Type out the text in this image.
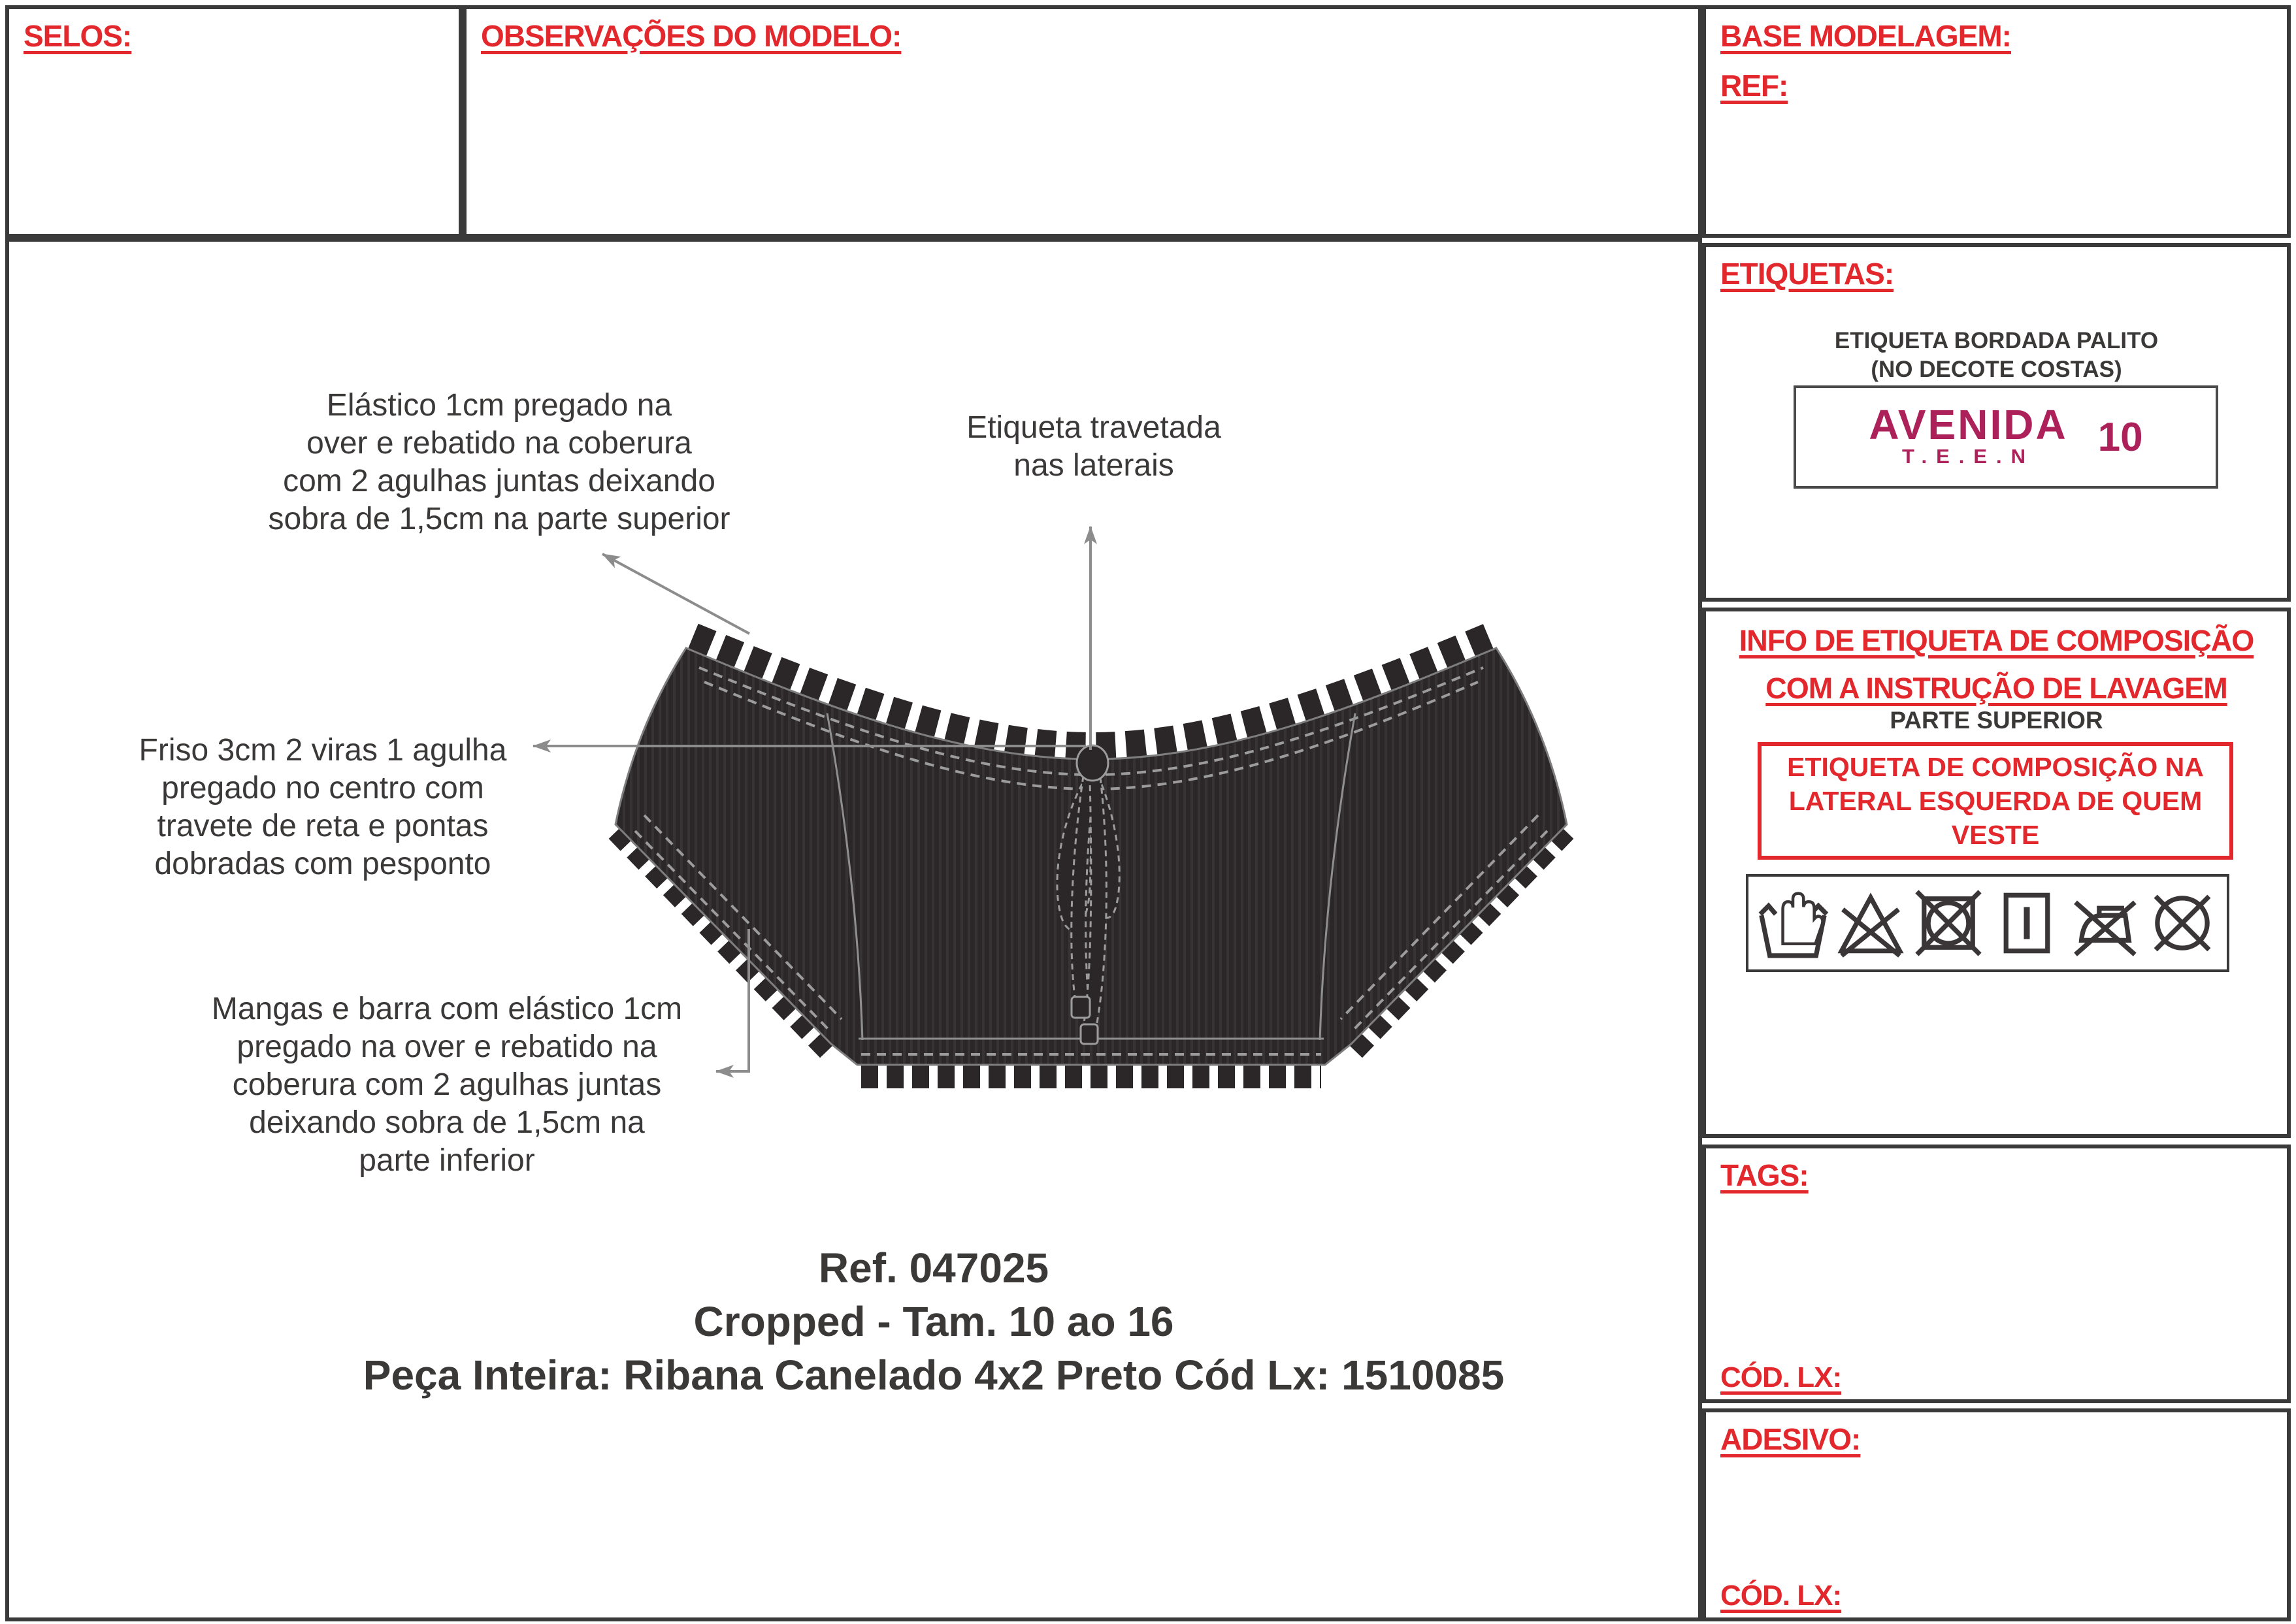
SELOS:	OBSERVAÇÕES DO MODELO:	BASE MODELAGEM:
REF:
Elástico 1cm pregado na
over e rebatido na coberura
com 2 agulhas juntas deixando
sobra de 1,5cm na parte superior
Etiqueta travetada
nas laterais
Friso 3cm 2 viras 1 agulha
pregado no centro com
travete de reta e pontas
dobradas com pesponto
Mangas e barra com elástico 1cm
pregado na over e rebatido na
coberura com 2 agulhas juntas
deixando sobra de 1,5cm na
parte inferior
Ref. 047025
Cropped - Tam. 10 ao 16
Peça Inteira: Ribana Canelado 4x2 Preto Cód Lx: 1510085
ETIQUETAS:
ETIQUETA BORDADA PALITO
(NO DECOTE COSTAS)
AVENIDA
T.E.E.N	10
INFO DE ETIQUETA DE COMPOSIÇÃO
COM A INSTRUÇÃO DE LAVAGEM
PARTE SUPERIOR
ETIQUETA DE COMPOSIÇÃO NA
LATERAL ESQUERDA DE QUEM
VESTE
TAGS:
CÓD. LX:
ADESIVO:
CÓD. LX:
